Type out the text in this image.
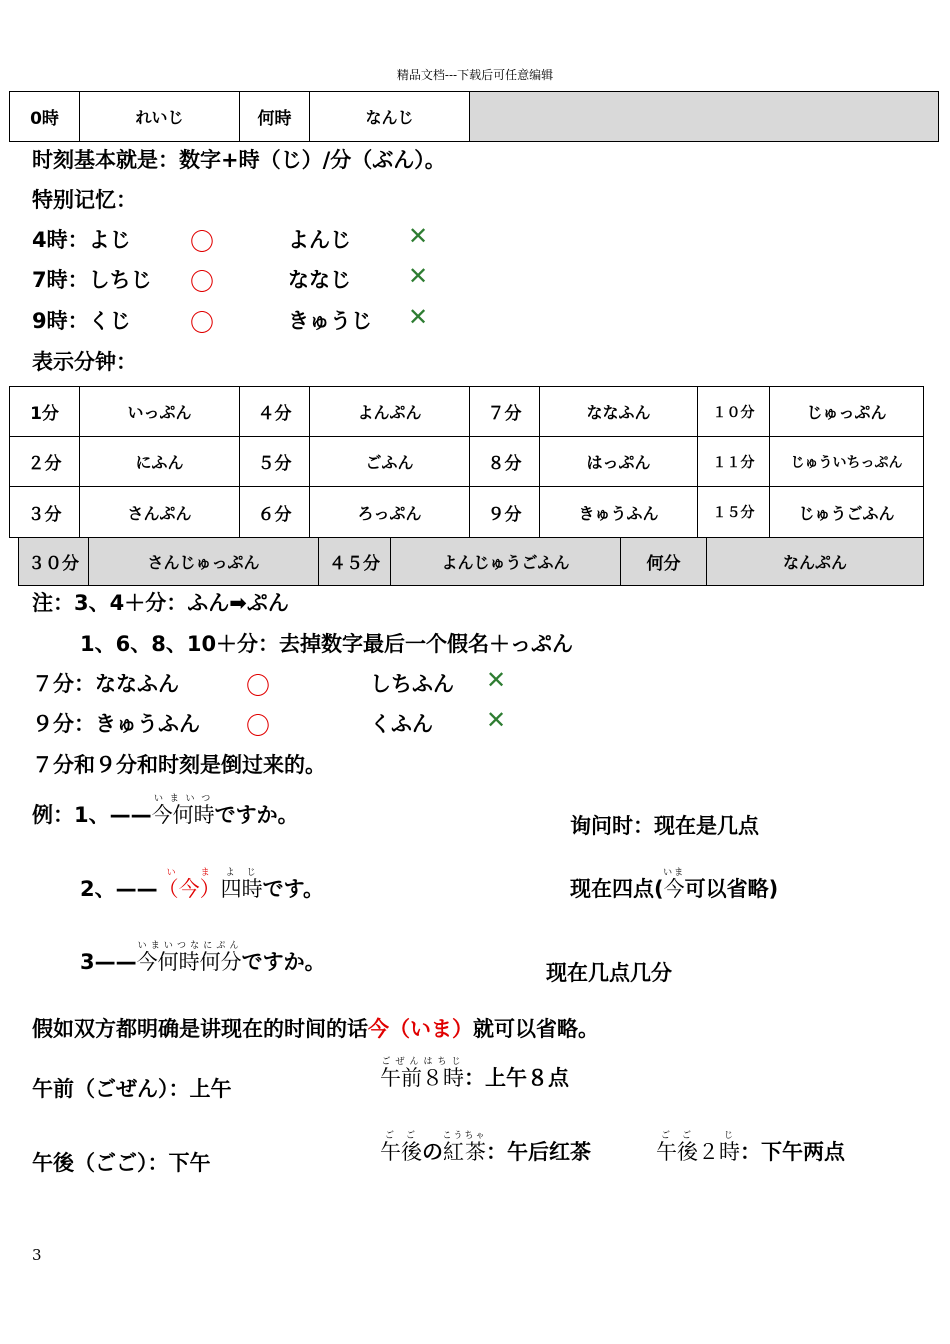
精品文档---下载后可任意编辑
0時	れいじ	何時	なんじ	
时刻基本就是：数字+時（じ）/分（ぶん）。
特别记忆：
4時：よじ 〇	よんじ ✕
7時：しちじ 〇	ななじ ✕
9時：くじ 〇	きゅうじ ✕
表示分钟：
1分	いっぷん	４分	よんぷん	７分	ななふん	１０分	じゅっぷん
２分	にふん	５分	ごふん	８分	はっぷん	１１分	じゅういちっぷん
３分	さんぷん	６分	ろっぷん	９分	きゅうふん	１５分	じゅうごふん
３０分	さんじゅっぷん	４５分	よんじゅうごふん	何分	なんぷん
注：3、4＋分：ふん➡ぷん
1、6、8、10＋分：去掉数字最后一个假名＋っぷん
７分：ななふん	〇	しちふん ✕
９分：きゅうふん 〇	くふん ✕
７分和９分和时刻是倒过来的。
例：1、——今何時いまいつですか。	询问时：现在是几点
2、——（今）いま四時よじです。	现在四点(今いま可以省略)
3——今何時何分いまいつなにぷんですか。	现在几点几分
假如双方都明确是讲现在的时间的话今（いま）就可以省略。
午前（ごぜん）：上午	午前８時ごぜんはちじ：上午８点
午後（ごご）：下午	午後ごごの紅茶こうちゃ：午后红茶	午後２時ごご　じ：下午两点
3
